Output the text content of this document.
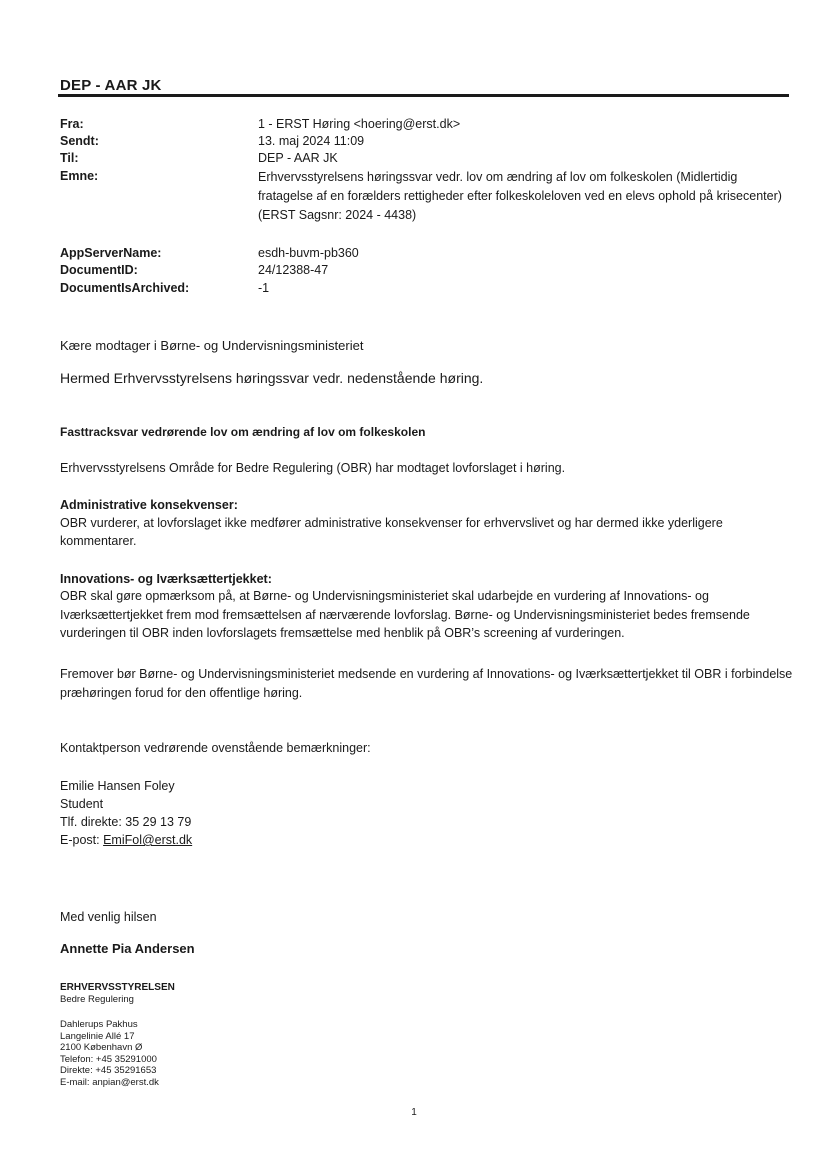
DEP - AAR JK
Fra:	1 - ERST Høring <hoering@erst.dk>
Sendt:	13. maj 2024 11:09
Til:	DEP - AAR JK
Emne:	Erhvervsstyrelsens høringssvar vedr. lov om ændring af lov om folkeskolen (Midlertidig fratagelse af en forælders rettigheder efter folkeskoleloven ved en elevs ophold på krisecenter)(ERST Sagsnr: 2024 - 4438)
AppServerName:	esdh-buvm-pb360
DocumentID:	24/12388-47
DocumentIsArchived:	-1
Kære modtager i Børne- og Undervisningsministeriet
Hermed Erhvervsstyrelsens høringssvar vedr. nedenstående høring.
Fasttracksvar vedrørende lov om ændring af lov om folkeskolen
Erhvervsstyrelsens Område for Bedre Regulering (OBR) har modtaget lovforslaget i høring.
Administrative konsekvenser:
OBR vurderer, at lovforslaget ikke medfører administrative konsekvenser for erhvervslivet og har dermed ikke yderligere kommentarer.
Innovations- og Iværksættertjekket:
OBR skal gøre opmærksom på, at Børne- og Undervisningsministeriet skal udarbejde en vurdering af Innovations- og Iværksættertjekket frem mod fremsættelsen af nærværende lovforslag. Børne- og Undervisningsministeriet bedes fremsende vurderingen til OBR inden lovforslagets fremsættelse med henblik på OBR’s screening af vurderingen.
Fremover bør Børne- og Undervisningsministeriet medsende en vurdering af Innovations- og Iværksættertjekket til OBR i forbindelse præhøringen forud for den offentlige høring.
Kontaktperson vedrørende ovenstående bemærkninger:
Emilie Hansen Foley
Student
Tlf. direkte: 35 29 13 79
E-post: EmiFol@erst.dk
Med venlig hilsen
Annette Pia Andersen
ERHVERVSSTYRELSEN
Bedre Regulering
Dahlerups Pakhus
Langelinie Allé 17
2100 København Ø
Telefon: +45 35291000
Direkte: +45 35291653
E-mail: anpian@erst.dk
1
